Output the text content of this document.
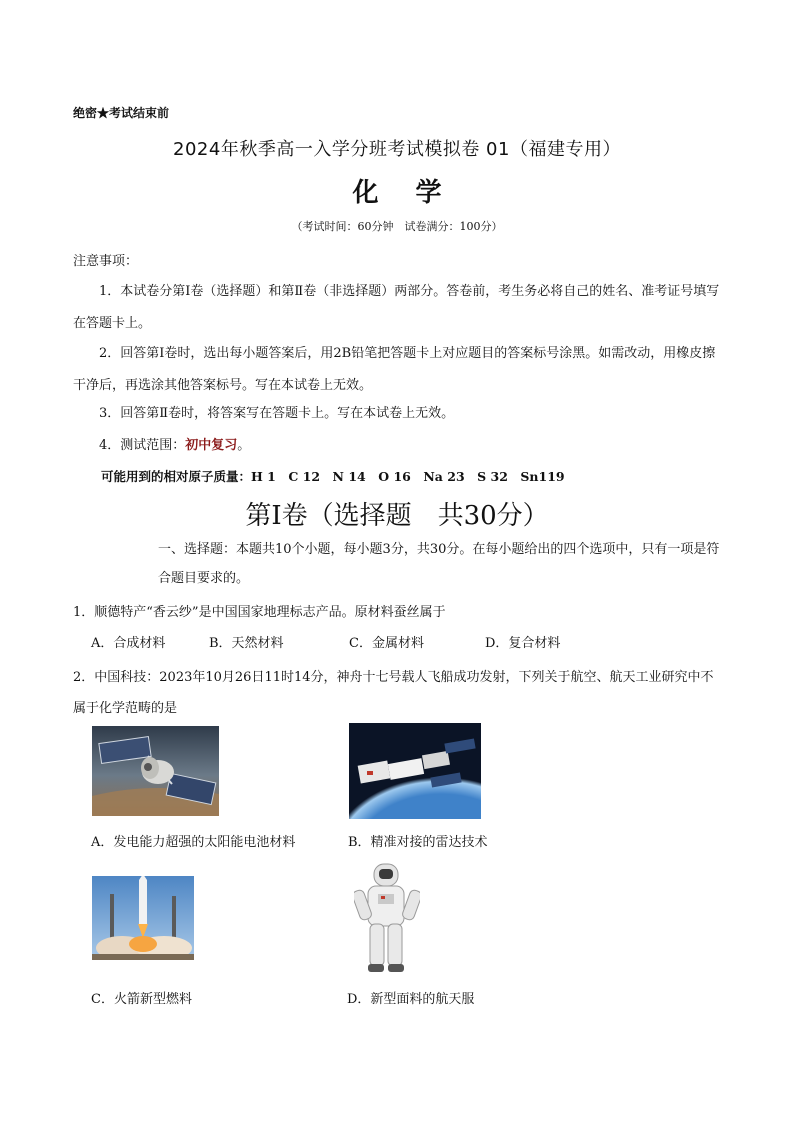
绝密★考试结束前
2024年秋季高一入学分班考试模拟卷 01（福建专用）
化 学
（考试时间：60分钟　试卷满分：100分）
注意事项：
1．本试卷分第Ⅰ卷（选择题）和第Ⅱ卷（非选择题）两部分。答卷前，考生务必将自己的姓名、准考证号填写在答题卡上。
2．回答第Ⅰ卷时，选出每小题答案后，用2B铅笔把答题卡上对应题目的答案标号涂黑。如需改动，用橡皮擦干净后，再选涂其他答案标号。写在本试卷上无效。
3．回答第Ⅱ卷时，将答案写在答题卡上。写在本试卷上无效。
4．测试范围：初中复习。
可能用到的相对原子质量：H 1　C 12　N 14　O 16　Na 23　S 32　Sn119
第Ⅰ卷（选择题　共30分）
一、选择题：本题共10个小题，每小题3分，共30分。在每小题给出的四个选项中，只有一项是符合题目要求的。
1．顺德特产“香云纱”是中国国家地理标志产品。原材料蚕丝属于
A．合成材料	B．天然材料	C．金属材料	D．复合材料
2．中国科技：2023年10月26日11时14分，神舟十七号载人飞船成功发射，下列关于航空、航天工业研究中不属于化学范畴的是
A．发电能力超强的太阳能电池材料	B．精准对接的雷达技术
C．火箭新型燃料	D．新型面料的航天服
